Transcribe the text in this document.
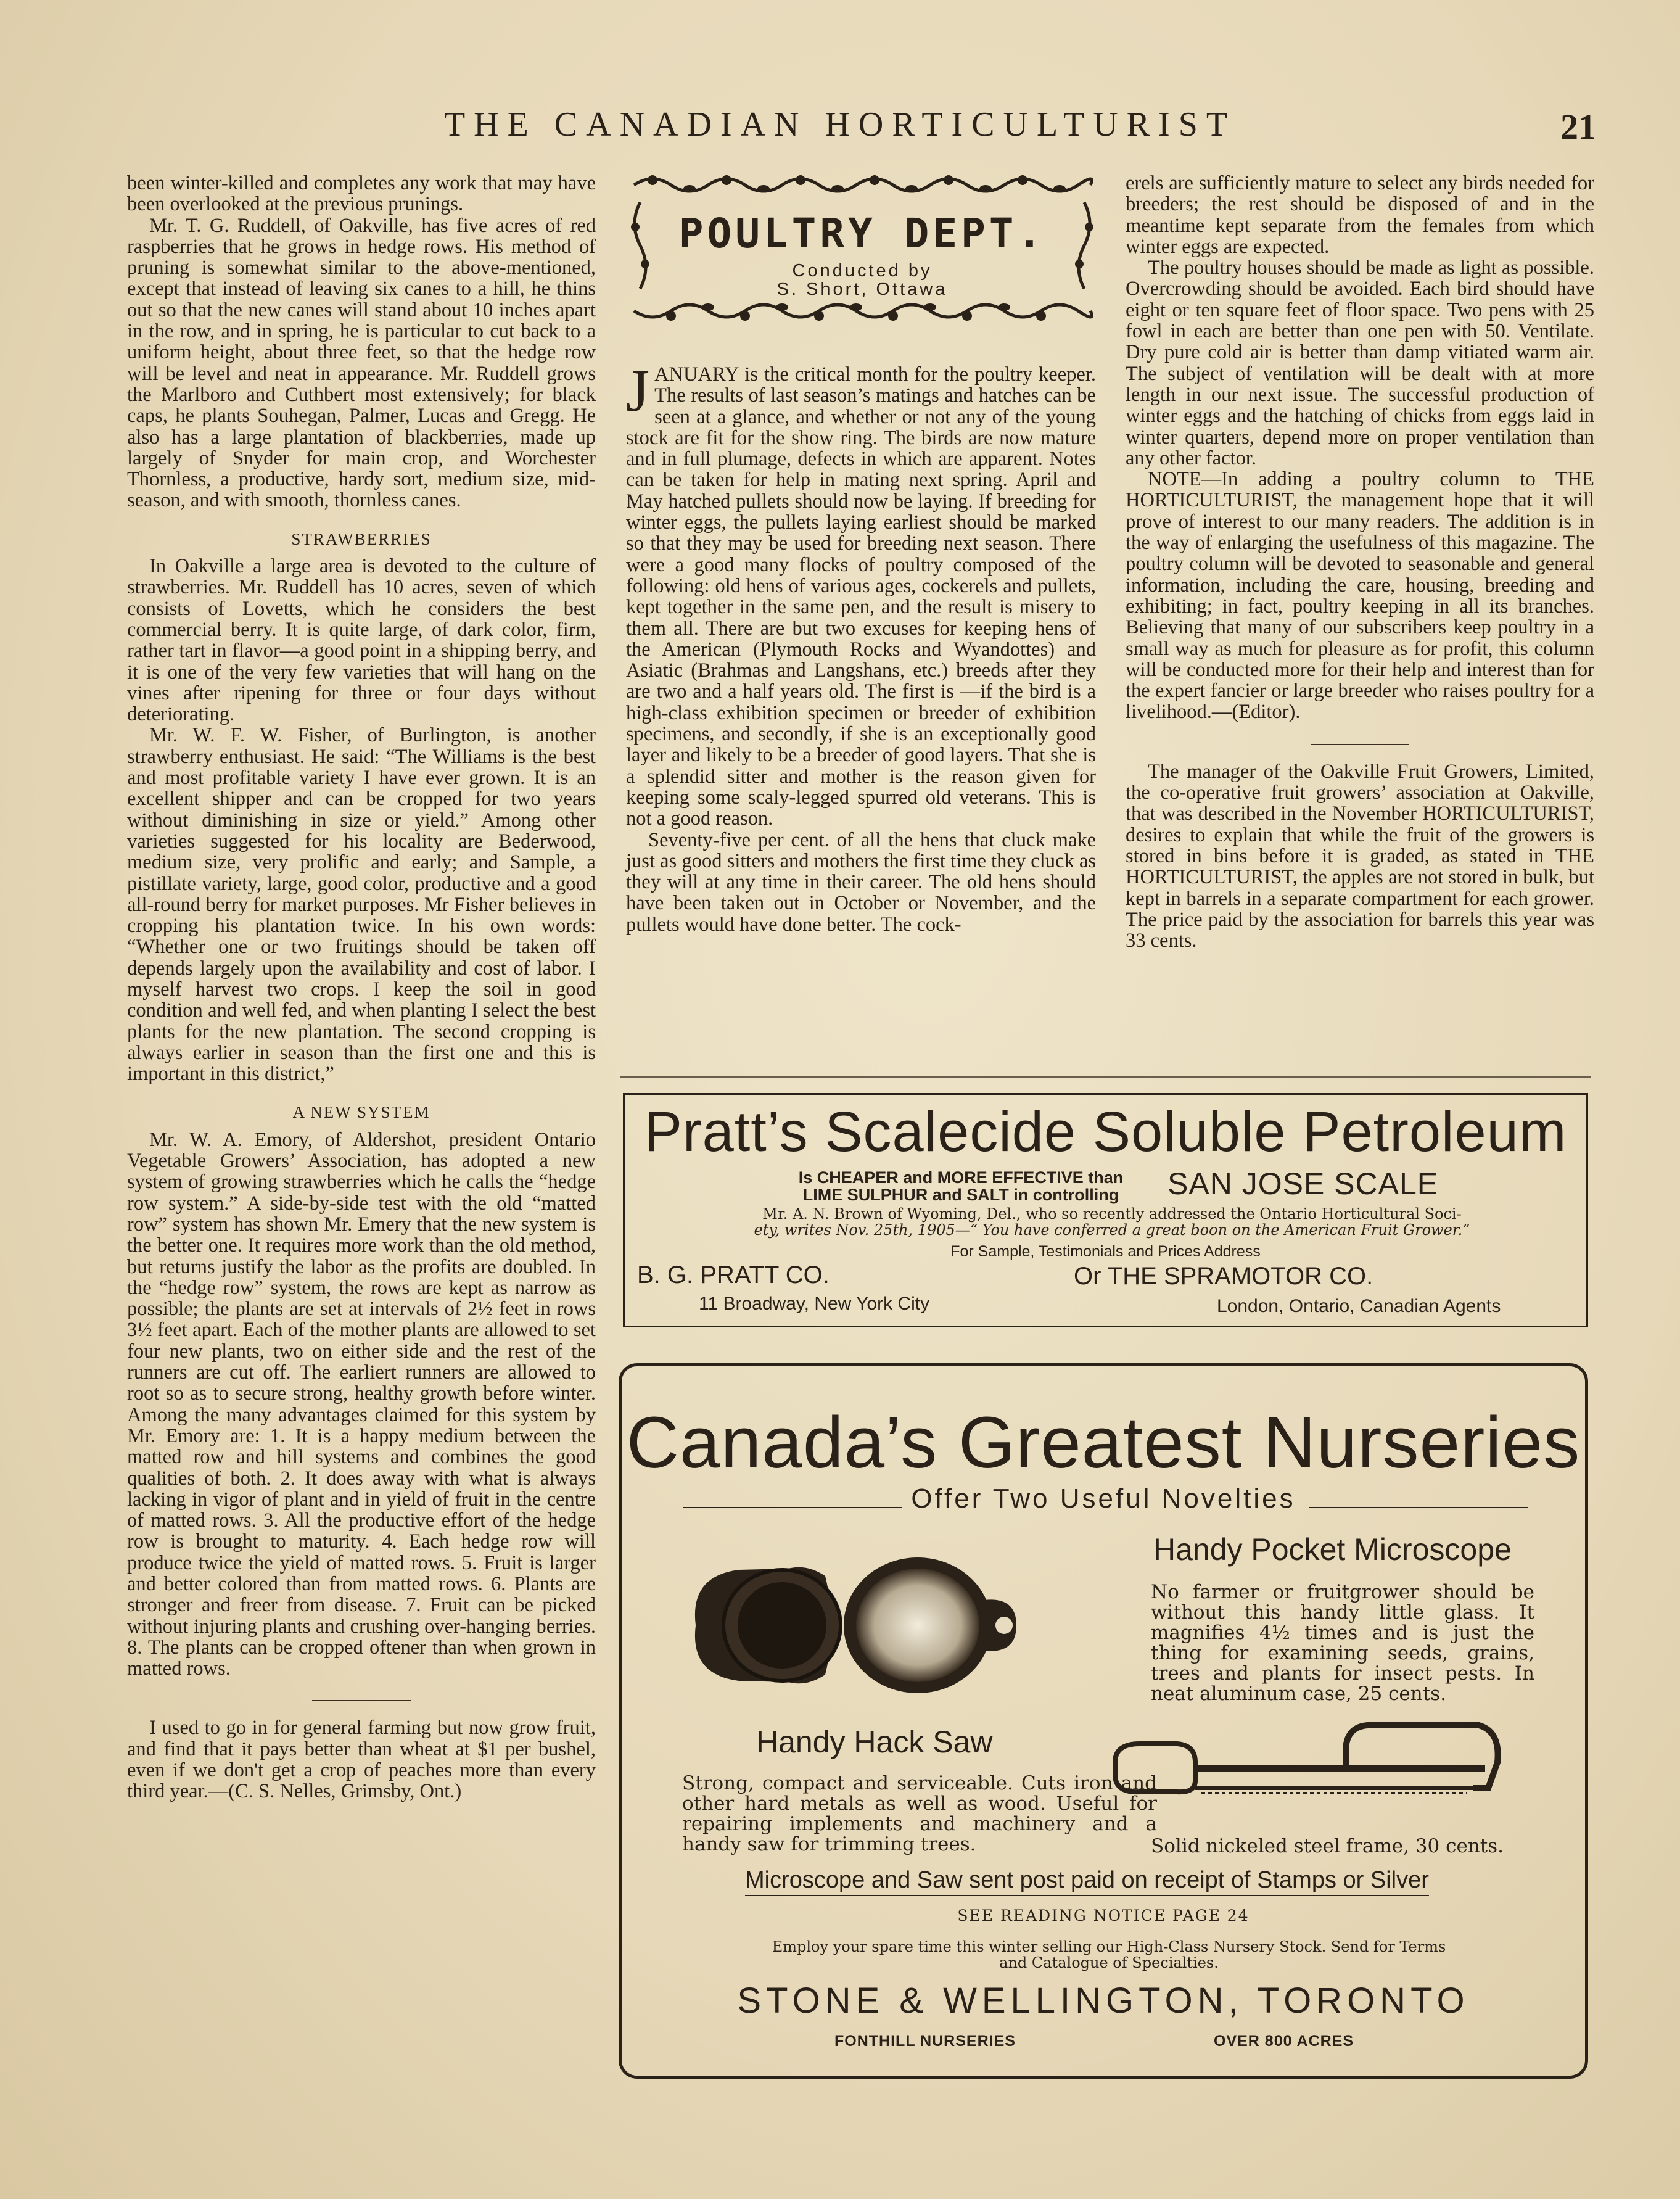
THE CANADIAN HORTICULTURIST	21

been winter-killed and completes any work that may have been overlooked at the previous prunings.

Mr. T. G. Ruddell, of Oakville, has five acres of red raspberries that he grows in hedge rows. His method of pruning is somewhat similar to the above-mentioned, except that instead of leaving six canes to a hill, he thins out so that the new canes will stand about 10 inches apart in the row, and in spring, he is particular to cut back to a uniform height, about three feet, so that the hedge row will be level and neat in appearance. Mr. Ruddell grows the Marlboro and Cuthbert most extensively; for black caps, he plants Souhegan, Palmer, Lucas and Gregg. He also has a large plantation of blackberries, made up largely of Snyder for main crop, and Worchester Thornless, a productive, hardy sort, medium size, mid-season, and with smooth, thornless canes.

STRAWBERRIES

In Oakville a large area is devoted to the culture of strawberries. Mr. Ruddell has 10 acres, seven of which consists of Lovetts, which he considers the best commercial berry. It is quite large, of dark color, firm, rather tart in flavor—a good point in a shipping berry, and it is one of the very few varieties that will hang on the vines after ripening for three or four days without deteriorating.

Mr. W. F. W. Fisher, of Burlington, is another strawberry enthusiast. He said: “The Williams is the best and most profitable variety I have ever grown. It is an excellent shipper and can be cropped for two years without diminishing in size or yield.” Among other varieties suggested for his locality are Bederwood, medium size, very prolific and early; and Sample, a pistillate variety, large, good color, productive and a good all-round berry for market purposes. Mr Fisher believes in cropping his plantation twice. In his own words: “Whether one or two fruitings should be taken off depends largely upon the availability and cost of labor. I myself harvest two crops. I keep the soil in good condition and well fed, and when planting I select the best plants for the new plantation. The second cropping is always earlier in season than the first one and this is important in this district,”

A NEW SYSTEM

Mr. W. A. Emory, of Aldershot, president Ontario Vegetable Growers’ Association, has adopted a new system of growing strawberries which he calls the “hedge row system.” A side-by-side test with the old “matted row” system has shown Mr. Emery that the new system is the better one. It requires more work than the old method, but returns justify the labor as the profits are doubled. In the “hedge row” system, the rows are kept as narrow as possible; the plants are set at intervals of 2½ feet in rows 3½ feet apart. Each of the mother plants are allowed to set four new plants, two on either side and the rest of the runners are cut off. The earliert runners are allowed to root so as to secure strong, healthy growth before winter. Among the many advantages claimed for this system by Mr. Emory are: 1. It is a happy medium between the matted row and hill systems and combines the good qualities of both. 2. It does away with what is always lacking in vigor of plant and in yield of fruit in the centre of matted rows. 3. All the productive effort of the hedge row is brought to maturity. 4. Each hedge row will produce twice the yield of matted rows. 5. Fruit is larger and better colored than from matted rows. 6. Plants are stronger and freer from disease. 7. Fruit can be picked without injuring plants and crushing over-hanging berries. 8. The plants can be cropped oftener than when grown in matted rows.

I used to go in for general farming but now grow fruit, and find that it pays better than wheat at $1 per bushel, even if we don't get a crop of peaches more than every third year.—(C. S. Nelles, Grimsby, Ont.)

POULTRY DEPT.
Conducted by
S. Short, Ottawa

JANUARY is the critical month for the poultry keeper. The results of last season’s matings and hatches can be seen at a glance, and whether or not any of the young stock are fit for the show ring. The birds are now mature and in full plumage, defects in which are apparent. Notes can be taken for help in mating next spring. April and May hatched pullets should now be laying. If breeding for winter eggs, the pullets laying earliest should be marked so that they may be used for breeding next season. There were a good many flocks of poultry composed of the following: old hens of various ages, cockerels and pullets, kept together in the same pen, and the result is misery to them all. There are but two excuses for keeping hens of the American (Plymouth Rocks and Wyandottes) and Asiatic (Brahmas and Langshans, etc.) breeds after they are two and a half years old. The first is —if the bird is a high-class exhibition specimen or breeder of exhibition specimens, and secondly, if she is an exceptionally good layer and likely to be a breeder of good layers. That she is a splendid sitter and mother is the reason given for keeping some scaly-legged spurred old veterans. This is not a good reason.

Seventy-five per cent. of all the hens that cluck make just as good sitters and mothers the first time they cluck as they will at any time in their career. The old hens should have been taken out in October or November, and the pullets would have done better. The cock-

erels are sufficiently mature to select any birds needed for breeders; the rest should be disposed of and in the meantime kept separate from the females from which winter eggs are expected.

The poultry houses should be made as light as possible. Overcrowding should be avoided. Each bird should have eight or ten square feet of floor space. Two pens with 25 fowl in each are better than one pen with 50. Ventilate. Dry pure cold air is better than damp vitiated warm air. The subject of ventilation will be dealt with at more length in our next issue. The successful production of winter eggs and the hatching of chicks from eggs laid in winter quarters, depend more on proper ventilation than any other factor.

NOTE—In adding a poultry column to THE HORTICULTURIST, the management hope that it will prove of interest to our many readers. The addition is in the way of enlarging the usefulness of this magazine. The poultry column will be devoted to seasonable and general information, including the care, housing, breeding and exhibiting; in fact, poultry keeping in all its branches. Believing that many of our subscribers keep poultry in a small way as much for pleasure as for profit, this column will be conducted more for their help and interest than for the expert fancier or large breeder who raises poultry for a livelihood.—(Editor).

The manager of the Oakville Fruit Growers, Limited, the co-operative fruit growers’ association at Oakville, that was described in the November HORTICULTURIST, desires to explain that while the fruit of the growers is stored in bins before it is graded, as stated in THE HORTICULTURIST, the apples are not stored in bulk, but kept in barrels in a separate compartment for each grower. The price paid by the association for barrels this year was 33 cents.

Pratt’s Scalecide Soluble Petroleum
Is CHEAPER and MORE EFFECTIVE than
LIME SULPHUR and SALT in controlling	SAN JOSE SCALE
Mr. A. N. Brown of Wyoming, Del., who so recently addressed the Ontario Horticultural Soci-
ety, writes Nov. 25th, 1905—“ You have conferred a great boon on the American Fruit Grower.”
For Sample, Testimonials and Prices Address
B. G. PRATT CO.
11 Broadway, New York City
Or THE SPRAMOTOR CO.
London, Ontario, Canadian Agents
Canada’s Greatest Nurseries
Offer Two Useful Novelties
Handy Pocket Microscope
No farmer or fruitgrower should be without this handy little glass. It magnifies 4½ times and is just the thing for examining seeds, grains, trees and plants for insect pests. In neat aluminum case, 25 cents.
Handy Hack Saw
Strong, compact and serviceable. Cuts iron and other hard metals as well as wood. Useful for repairing implements and machinery and a handy saw for trimming trees.	Solid nickeled steel frame, 30 cents.
Microscope and Saw sent post paid on receipt of Stamps or Silver
SEE READING NOTICE PAGE 24
Employ your spare time this winter selling our High-Class Nursery Stock. Send for Terms
and Catalogue of Specialties.
STONE & WELLINGTON, TORONTO
FONTHILL NURSERIES	OVER 800 ACRES
